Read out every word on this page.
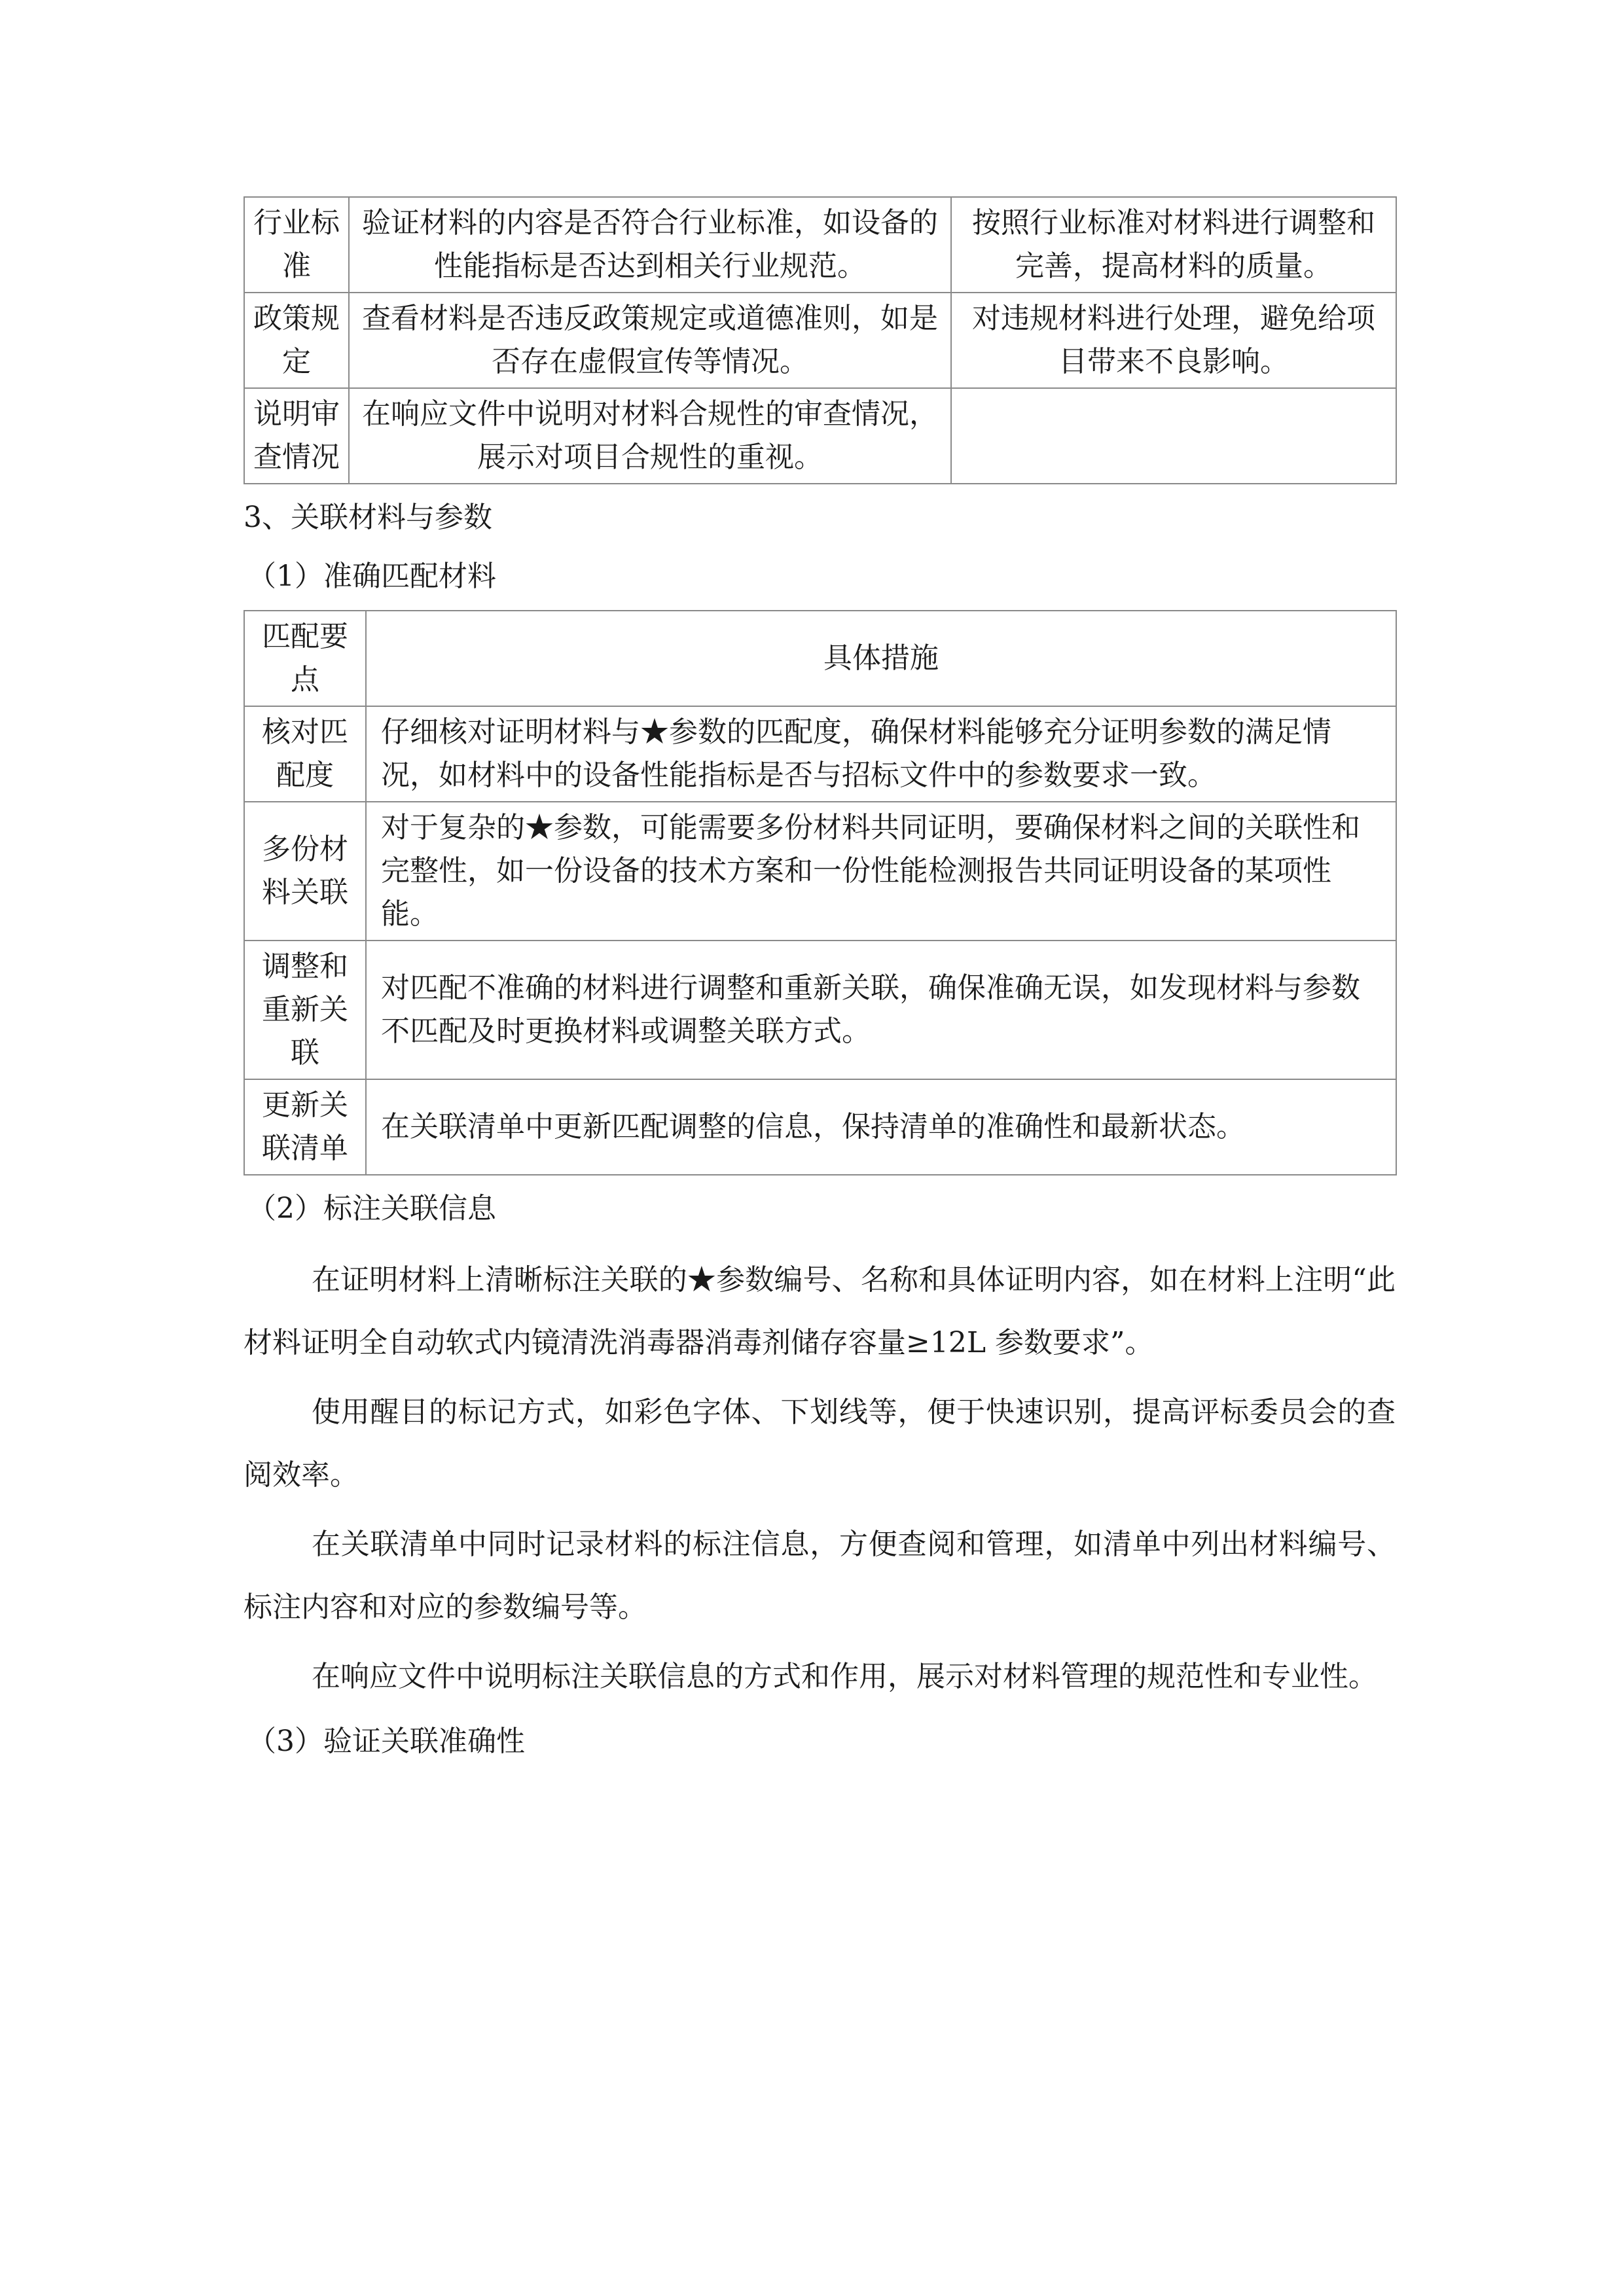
行业标准	验证材料的内容是否符合行业标准，如设备的性能指标是否达到相关行业规范。	按照行业标准对材料进行调整和完善，提高材料的质量。
政策规定	查看材料是否违反政策规定或道德准则，如是否存在虚假宣传等情况。	对违规材料进行处理，避免给项目带来不良影响。
说明审查情况	在响应文件中说明对材料合规性的审查情况，展示对项目合规性的重视。	

3、关联材料与参数

（1）准确匹配材料

匹配要点	具体措施
核对匹配度	仔细核对证明材料与★参数的匹配度，确保材料能够充分证明参数的满足情况，如材料中的设备性能指标是否与招标文件中的参数要求一致。
多份材料关联	对于复杂的★参数，可能需要多份材料共同证明，要确保材料之间的关联性和完整性，如一份设备的技术方案和一份性能检测报告共同证明设备的某项性能。
调整和重新关联	对匹配不准确的材料进行调整和重新关联，确保准确无误，如发现材料与参数不匹配及时更换材料或调整关联方式。
更新关联清单	在关联清单中更新匹配调整的信息，保持清单的准确性和最新状态。

（2）标注关联信息

在证明材料上清晰标注关联的★参数编号、名称和具体证明内容，如在材料上注明“此材料证明全自动软式内镜清洗消毒器消毒剂储存容量≥12L 参数要求”。

使用醒目的标记方式，如彩色字体、下划线等，便于快速识别，提高评标委员会的查阅效率。

在关联清单中同时记录材料的标注信息，方便查阅和管理，如清单中列出材料编号、标注内容和对应的参数编号等。

在响应文件中说明标注关联信息的方式和作用，展示对材料管理的规范性和专业性。

（3）验证关联准确性
